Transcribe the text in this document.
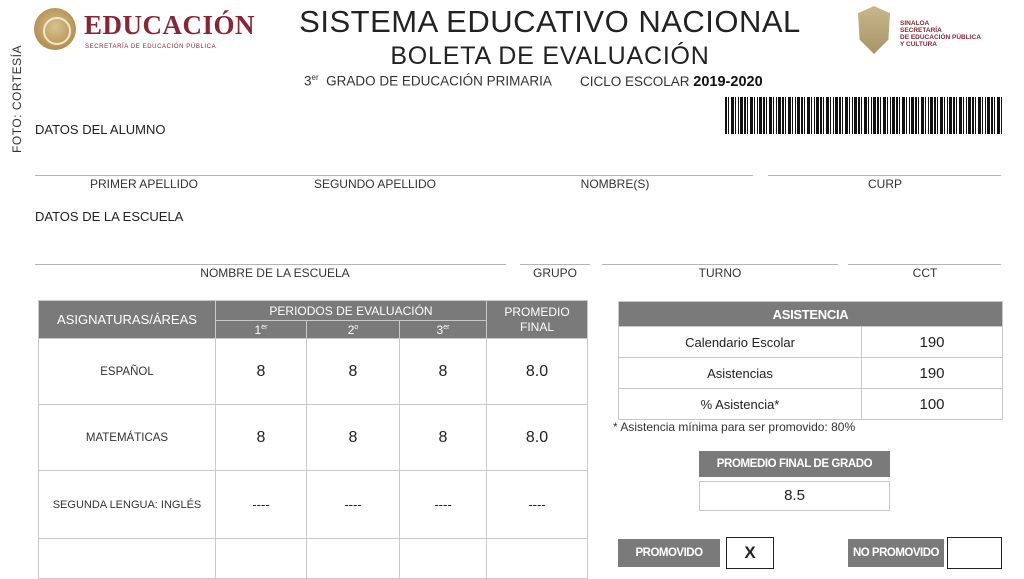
FOTO: CORTESÍA
EDUCACIÓN
SECRETARÍA DE EDUCACIÓN PÚBLICA
SISTEMA EDUCATIVO NACIONAL
BOLETA DE EVALUACIÓN
3er GRADO DE EDUCACIÓN PRIMARIA CICLO ESCOLAR 2019-2020
SINALOA
SECRETARÍA
DE EDUCACIÓN PÚBLICA
Y CULTURA
DATOS DEL ALUMNO
PRIMER APELLIDO	SEGUNDO APELLIDO	NOMBRE(S)	CURP
DATOS DE LA ESCUELA
NOMBRE DE LA ESCUELA	GRUPO	TURNO	CCT
ASIGNATURAS/ÁREAS	PERIODOS DE EVALUACIÓN			PROMEDIO
FINAL
	1er	2$^o$	3er
ESPAÑOL	8	8	8	8.0
MATEMÁTICAS	8	8	8	8.0
SEGUNDA LENGUA: INGLÉS	----	----	----	----

ASISTENCIA	
Calendario Escolar	190
Asistencias	190
% Asistencia*	100
* Asistencia mínima para ser promovido: 80%
PROMEDIO FINAL DE GRADO
8.5
PROMOVIDO	X	NO PROMOVIDO
